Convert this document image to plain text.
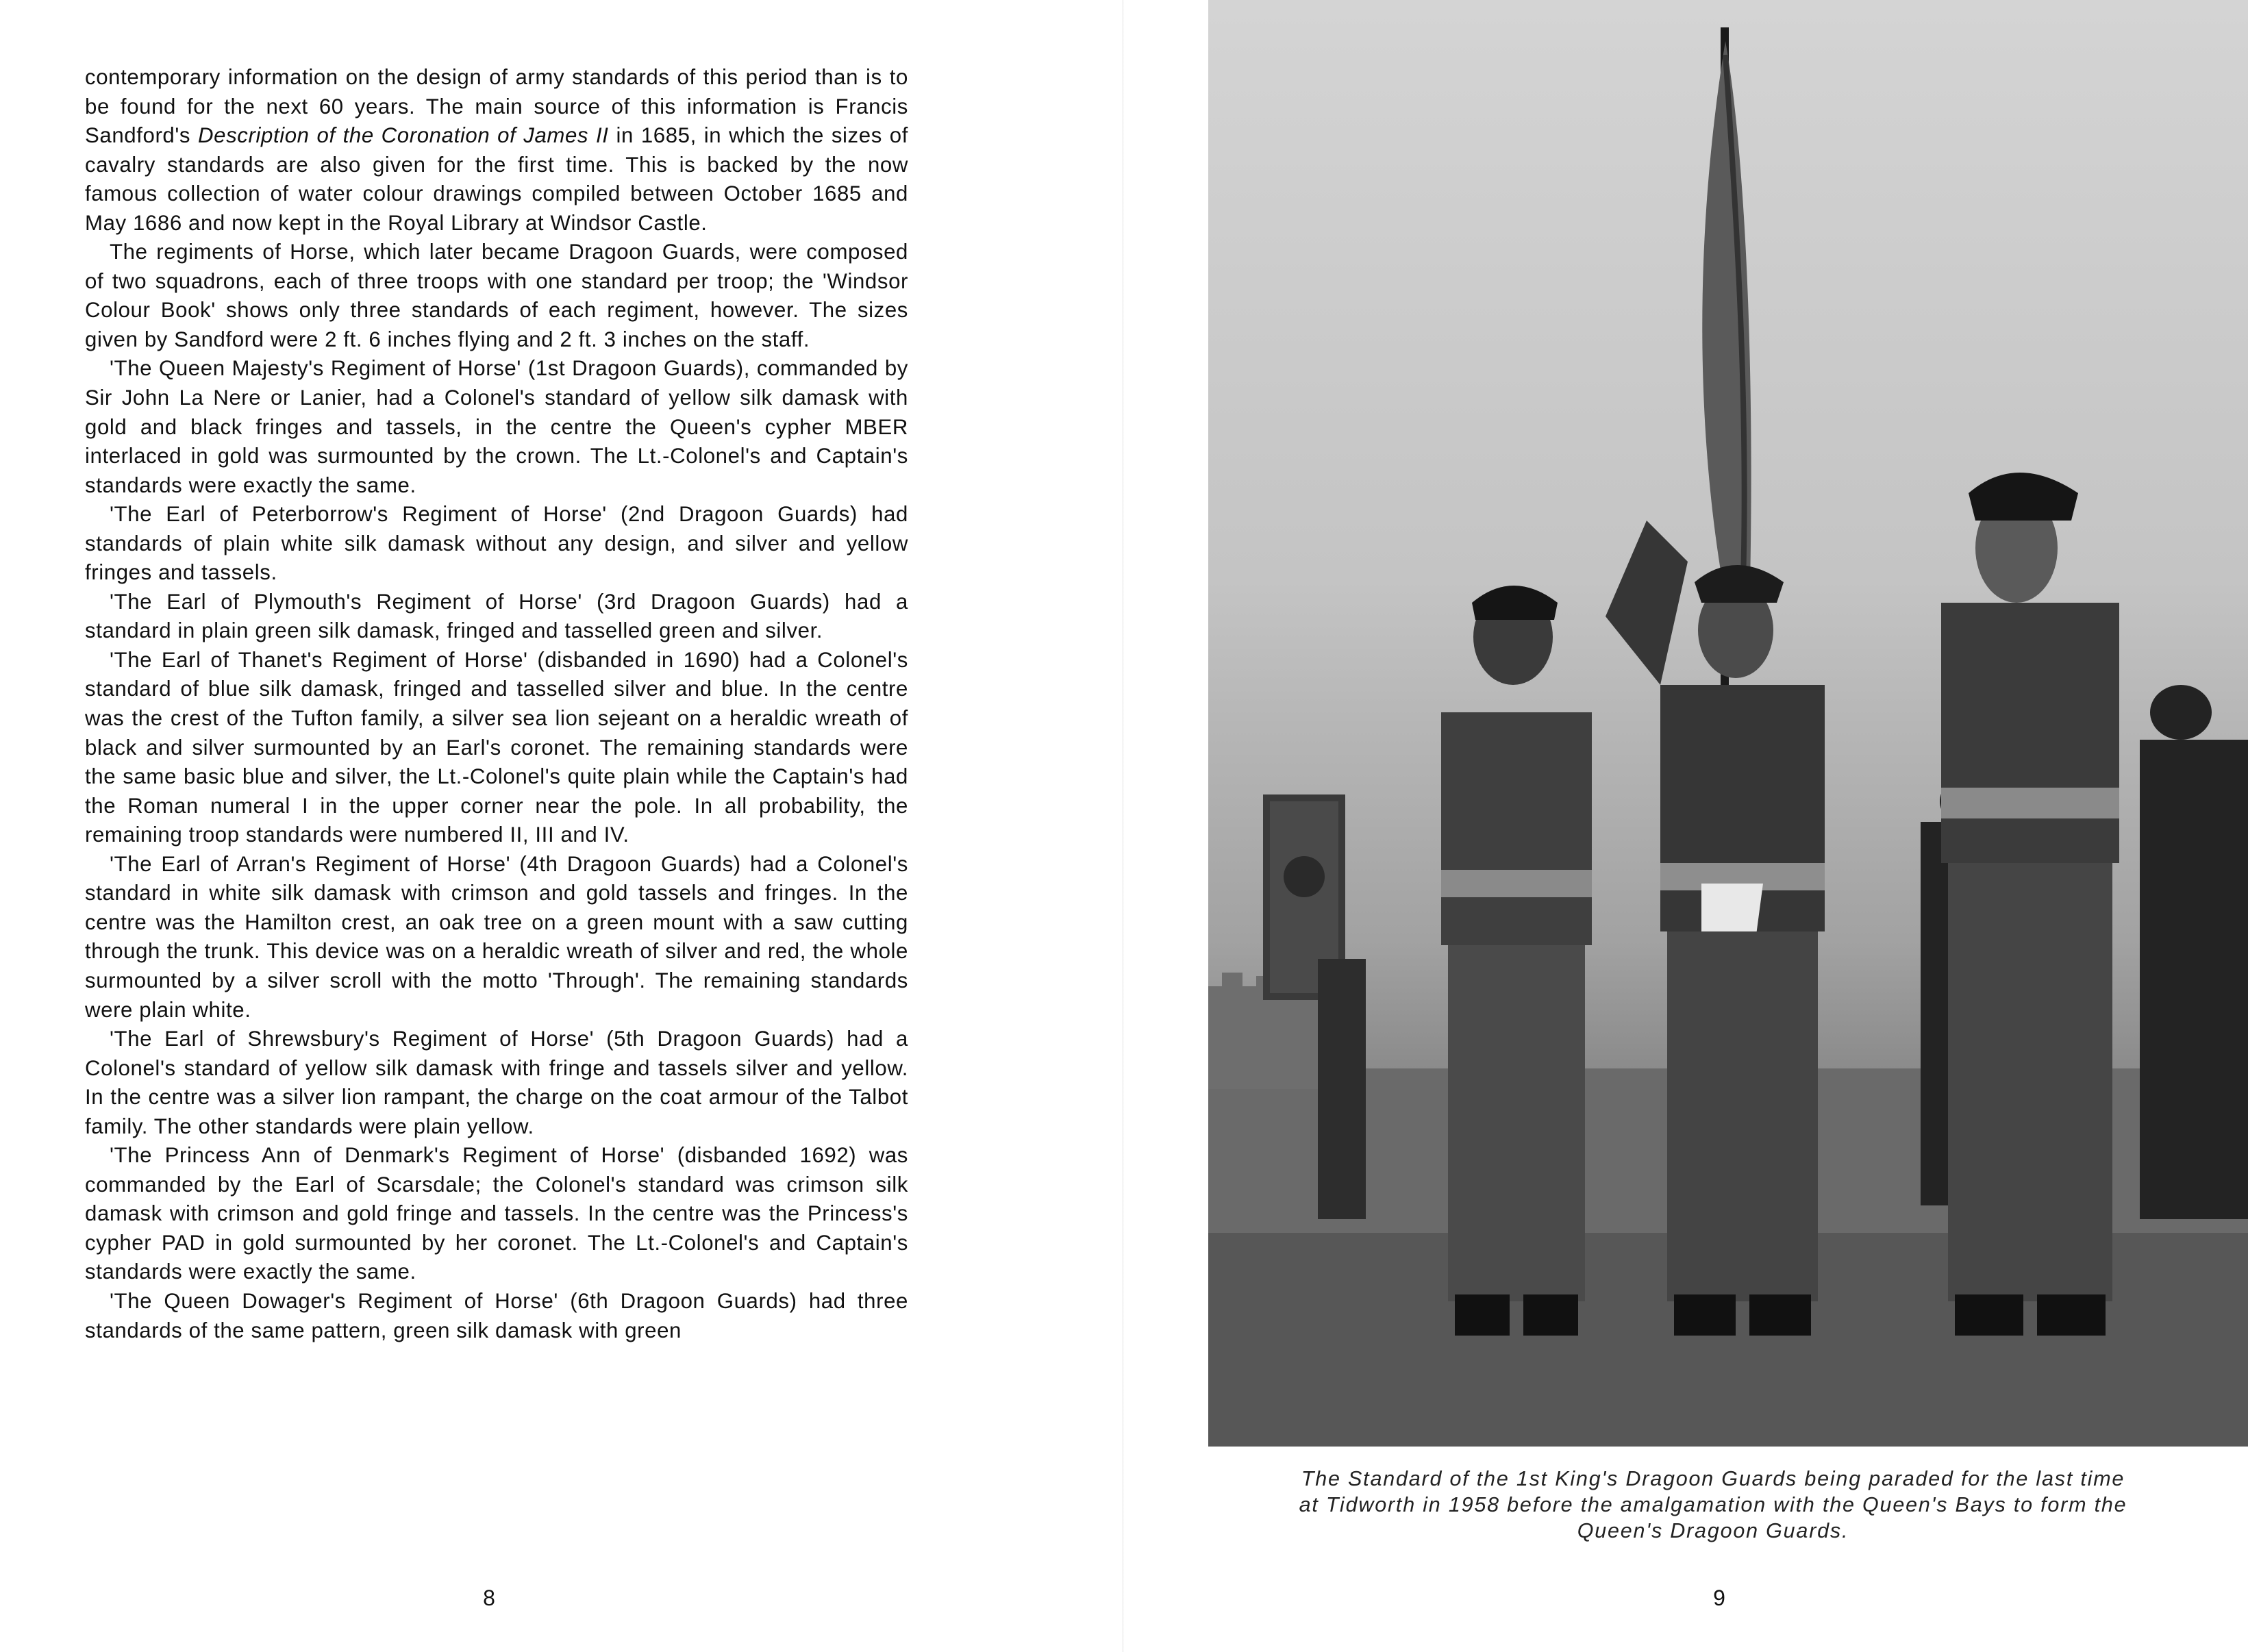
contemporary information on the design of army standards of this period than is to be found for the next 60 years. The main source of this information is Francis Sandford's Description of the Coronation of James II in 1685, in which the sizes of cavalry standards are also given for the first time. This is backed by the now famous collection of water colour drawings compiled between October 1685 and May 1686 and now kept in the Royal Library at Windsor Castle.

The regiments of Horse, which later became Dragoon Guards, were composed of two squadrons, each of three troops with one standard per troop; the 'Windsor Colour Book' shows only three standards of each regiment, however. The sizes given by Sandford were 2 ft. 6 inches flying and 2 ft. 3 inches on the staff.

'The Queen Majesty's Regiment of Horse' (1st Dragoon Guards), commanded by Sir John La Nere or Lanier, had a Colonel's standard of yellow silk damask with gold and black fringes and tassels, in the centre the Queen's cypher MBER interlaced in gold was surmounted by the crown. The Lt.-Colonel's and Captain's standards were exactly the same.

'The Earl of Peterborrow's Regiment of Horse' (2nd Dragoon Guards) had standards of plain white silk damask without any design, and silver and yellow fringes and tassels.

'The Earl of Plymouth's Regiment of Horse' (3rd Dragoon Guards) had a standard in plain green silk damask, fringed and tasselled green and silver.

'The Earl of Thanet's Regiment of Horse' (disbanded in 1690) had a Colonel's standard of blue silk damask, fringed and tasselled silver and blue. In the centre was the crest of the Tufton family, a silver sea lion sejeant on a heraldic wreath of black and silver surmounted by an Earl's coronet. The remaining standards were the same basic blue and silver, the Lt.-Colonel's quite plain while the Captain's had the Roman numeral I in the upper corner near the pole. In all probability, the remaining troop standards were numbered II, III and IV.

'The Earl of Arran's Regiment of Horse' (4th Dragoon Guards) had a Colonel's standard in white silk damask with crimson and gold tassels and fringes. In the centre was the Hamilton crest, an oak tree on a green mount with a saw cutting through the trunk. This device was on a heraldic wreath of silver and red, the whole surmounted by a silver scroll with the motto 'Through'. The remaining standards were plain white.

'The Earl of Shrewsbury's Regiment of Horse' (5th Dragoon Guards) had a Colonel's standard of yellow silk damask with fringe and tassels silver and yellow. In the centre was a silver lion rampant, the charge on the coat armour of the Talbot family. The other standards were plain yellow.

'The Princess Ann of Denmark's Regiment of Horse' (disbanded 1692) was commanded by the Earl of Scarsdale; the Colonel's standard was crimson silk damask with crimson and gold fringe and tassels. In the centre was the Princess's cypher PAD in gold surmounted by her coronet. The Lt.-Colonel's and Captain's standards were exactly the same.

'The Queen Dowager's Regiment of Horse' (6th Dragoon Guards) had three standards of the same pattern, green silk damask with green

8

The Standard of the 1st King's Dragoon Guards being paraded for the last time at Tidworth in 1958 before the amalgamation with the Queen's Bays to form the Queen's Dragoon Guards.

9
